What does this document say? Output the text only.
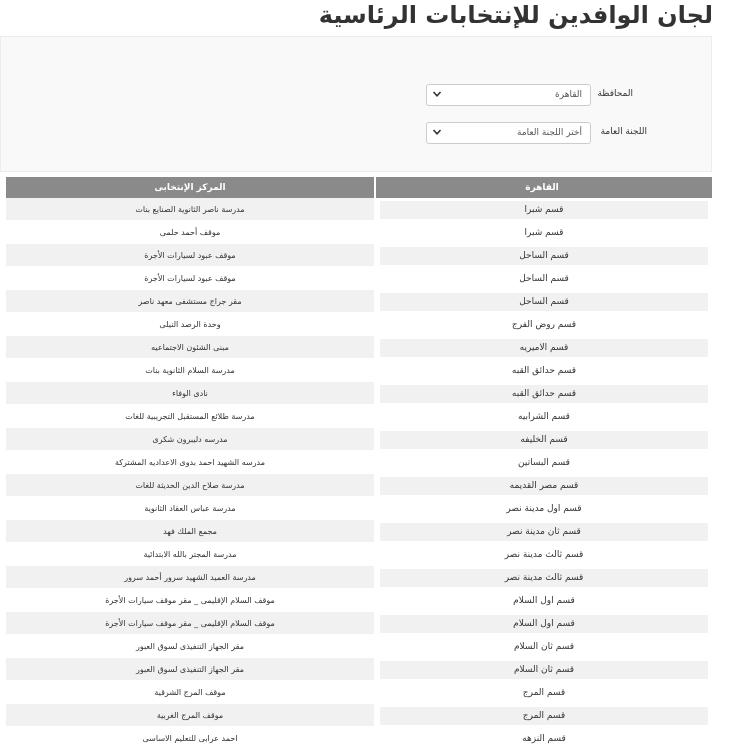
لجان الوافدين للإنتخابات الرئاسية
المحافظة
القاهرة
اللجنة العامة
أختر اللجنة العامة
المركز الإنتخابى	القاهرة
مدرسة ناصر الثانوية الصنايع بنات	قسم شبرا

موقف أحمد حلمى	قسم شبرا

موقف عبود لسيارات الأجرة	قسم الساحل

موقف عبود لسيارات الأجرة	قسم الساحل

مقر جراج مستشفى معهد ناصر	قسم الساحل

وحدة الرصد النيلى	قسم روض الفرج

مبنى الشئون الاجتماعيه	قسم الاميريه

مدرسة السلام الثانوية بنات	قسم حدائق القبه

نادى الوفاء	قسم حدائق القبه

مدرسة طلائع المستقبل التجريبية للغات	قسم الشرابيه

مدرسه دليبرون شكرى	قسم الخليفه

مدرسه الشهيد احمد بدوى الاعداديه المشتركة	قسم البساتين

مدرسة صلاح الدين الحديثة للغات	قسم مصر القديمه

مدرسة عباس العقاد الثانوية	قسم اول مدينة نصر

مجمع الملك فهد	قسم ثان مدينة نصر

مدرسة المجتر بالله الابتدائية	قسم ثالث مدينة نصر

مدرسة العميد الشهيد سرور أحمد سرور	قسم ثالث مدينة نصر

موقف السلام الإقليمى _ مقر موقف سيارات الأجرة	قسم اول السلام

موقف السلام الإقليمى _ مقر موقف سيارات الأجرة	قسم اول السلام

مقر الجهاز التنفيذى لسوق العبور	قسم ثان السلام

مقر الجهاز التنفيذى لسوق العبور	قسم ثان السلام

موقف المرج الشرقية	قسم المرج

موقف المرج الغربية	قسم المرج

احمد عرابى للتعليم الاساسى	قسم النزهه
